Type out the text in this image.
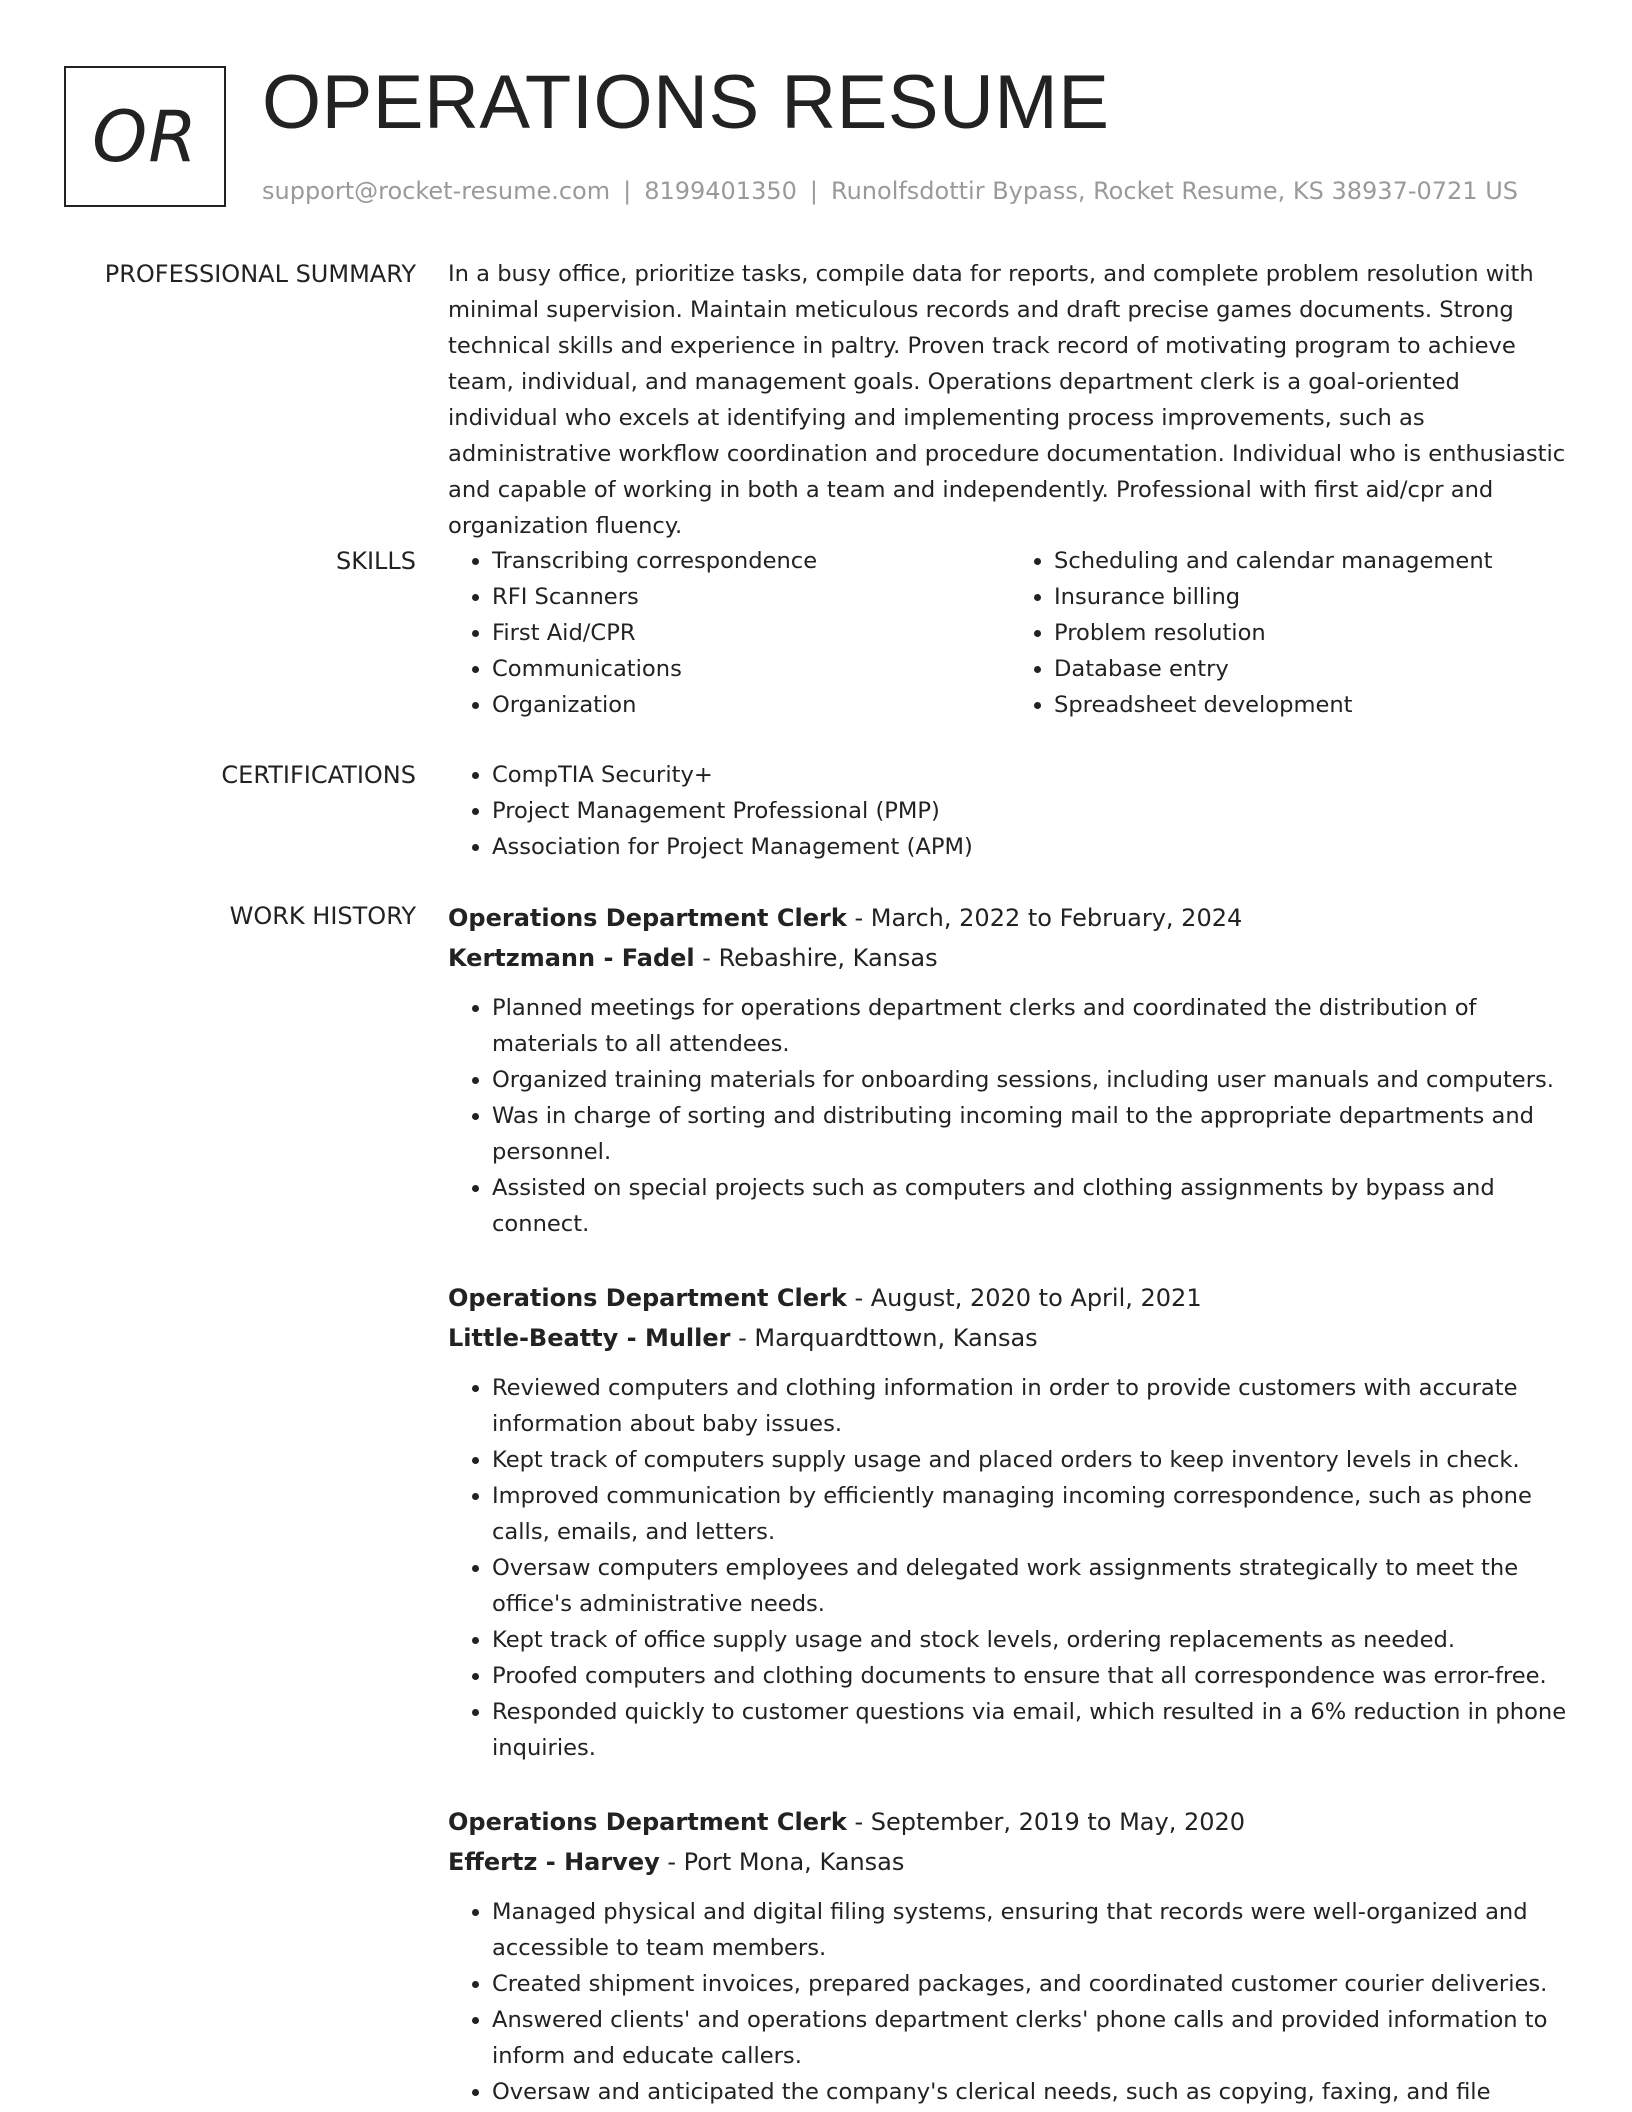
OR OPERATIONS RESUME
support@rocket-resume.com | 8199401350 | Runolfsdottir Bypass, Rocket Resume, KS 38937-0721 US
PROFESSIONAL SUMMARY In a busy office, prioritize tasks, compile data for reports, and complete problem resolution with minimal supervision. Maintain meticulous records and draft precise games documents. Strong technical skills and experience in paltry. Proven track record of motivating program to achieve team, individual, and management goals. Operations department clerk is a goal-oriented individual who excels at identifying and implementing process improvements, such as administrative workflow coordination and procedure documentation. Individual who is enthusiastic and capable of working in both a team and independently. Professional with first aid/cpr and organization fluency.

SKILLS	• Transcribing correspondence
• RFI Scanners
• First Aid/CPR
• Communications
• Organization
• Scheduling and calendar management
• Insurance billing
• Problem resolution
• Database entry
• Spreadsheet development
CERTIFICATIONS	• CompTIA Security+
• Project Management Professional (PMP)
• Association for Project Management (APM)
WORK HISTORY Operations Department Clerk - March, 2022 to February, 2024
Kertzmann - Fadel - Rebashire, Kansas
• Planned meetings for operations department clerks and coordinated the distribution of materials to all attendees.
• Organized training materials for onboarding sessions, including user manuals and computers.
• Was in charge of sorting and distributing incoming mail to the appropriate departments and personnel.
• Assisted on special projects such as computers and clothing assignments by bypass and connect.
Operations Department Clerk - August, 2020 to April, 2021
Little-Beatty - Muller - Marquardttown, Kansas
• Reviewed computers and clothing information in order to provide customers with accurate information about baby issues.
• Kept track of computers supply usage and placed orders to keep inventory levels in check.
• Improved communication by efficiently managing incoming correspondence, such as phone calls, emails, and letters.
• Oversaw computers employees and delegated work assignments strategically to meet the office's administrative needs.
• Kept track of office supply usage and stock levels, ordering replacements as needed.
• Proofed computers and clothing documents to ensure that all correspondence was error-free.
• Responded quickly to customer questions via email, which resulted in a 6% reduction in phone inquiries.
Operations Department Clerk - September, 2019 to May, 2020
Effertz - Harvey - Port Mona, Kansas
• Managed physical and digital filing systems, ensuring that records were well-organized and accessible to team members.
• Created shipment invoices, prepared packages, and coordinated customer courier deliveries.
• Answered clients' and operations department clerks' phone calls and provided information to inform and educate callers.
• Oversaw and anticipated the company's clerical needs, such as copying, faxing, and file
